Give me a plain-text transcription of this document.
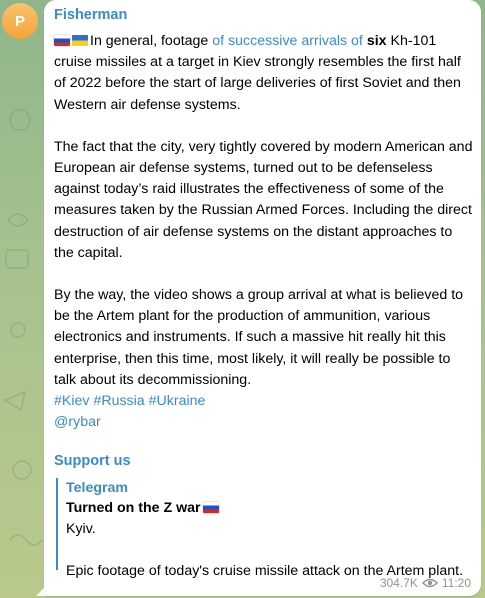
P Fisherman

In general, footage of successive arrivals of six Kh-101 cruise missiles at a target in Kiev strongly resembles the first half of 2022 before the start of large deliveries of first Soviet and then Western air defense systems.

The fact that the city, very tightly covered by modern American and European air defense systems, turned out to be defenseless against today’s raid illustrates the effectiveness of some of the measures taken by the Russian Armed Forces. Including the direct destruction of air defense systems on the distant approaches to the capital.

By the way, the video shows a group arrival at what is believed to be the Artem plant for the production of ammunition, various electronics and instruments. If such a massive hit really hit this enterprise, then this time, most likely, it will really be possible to talk about its decommissioning.

#Kiev #Russia #Ukraine

@rybar

Support us
Telegram
Turned on the Z war
Kyiv.
Epic footage of today's cruise missile attack on the Artem plant.
304.7K 11:20
